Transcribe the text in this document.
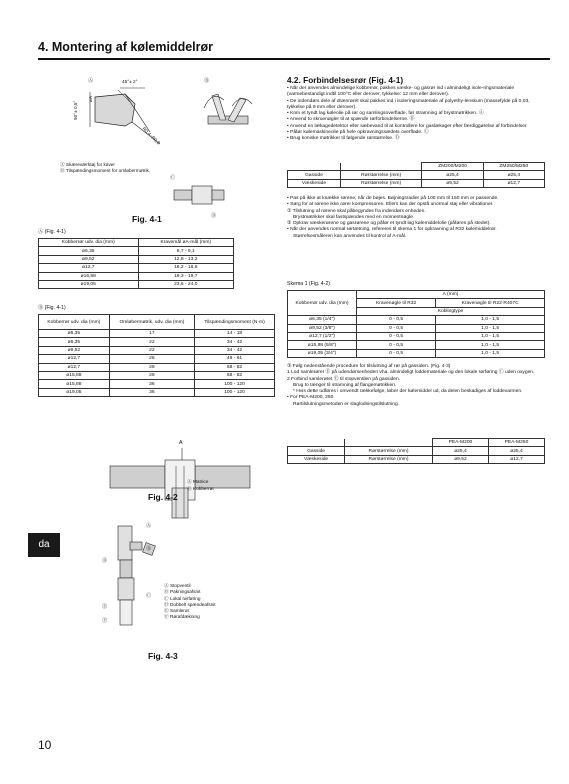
4. Montering af kølemiddelrør
Ⓐ	Ⓑ
45°± 2°
90°± 0,5°
øA
R0,4~R0,8
Ⓐ Skæreværktøj for kaver
Ⓑ Tilspændingsmoment for omløbermøtrik.
Ⓒ
Ⓓ
Fig. 4-1
Ⓐ (Fig. 4-1)
Kobberrør udv. dia (mm)	Kravemål øA-mål (mm)
ø6,35	8,7 - 9,1
ø9,52	12,8 - 13,2
ø12,7	16,2 - 16,6
ø15,88	19,3 - 19,7
ø19,05	23,6 - 24,0
Ⓑ (Fig. 4-1)
Kobberrør udv. dia (mm)	Omløbermøtrik, udv. dia (mm)	Tilspændingsmoment (N·m)
ø6,35	17	14 - 18
ø6,35	22	34 - 42
ø9,52	22	34 - 42
ø12,7	26	49 - 61
ø12,7	29	68 - 82
ø15,88	29	68 - 82
ø15,88	36	100 - 120
ø19,05	36	100 - 120
A
Ⓐ Matrice
Ⓑ Kobberrør
Fig. 4-2
Ⓐ
Ⓑ
Ⓒ
Ⓓ
Ⓔ
Ⓕ
Ⓐ Stopventil
Ⓑ Pakningsafsnit
Ⓒ Lokal rørføring
Ⓓ Dobbelt spændeafsnit
Ⓔ Samlerør
Ⓕ Rørafdækning
Fig. 4-3
da
10
4.2. Forbindelsesrør (Fig. 4-1)

• Når der anvendes almindelige kobberrør, pakkes væske- og gasrør ind i almindeligt isole-ringsmateriale (varmebestandigt indtil 100°C eller derover, tykkelse: 12 mm eller derover).

• De indendørs dele af drænrøret skal pakkes ind i isoleringsmateriale af polyethy-lenskum (massefylde på 0,03, tykkelse på 9 mm eller derover).

• Kom et tyndt lag køleolie på rør og samlingsoverflade, før stramning af brystmøtrikken. Ⓐ

• Anvend to skruenøgler til at spænde rørforbindelserne. Ⓑ

• Anvend en lækagedetektor eller sæbevand til at kontrollere for gaslækager efter færdiggørelse af forbindelser.

• Påfør kølemaskineolie på hele opkravningssædets overflade. Ⓒ

• Brug koniske møtrikker til følgende rørstørrelse. Ⓓ

		ZM200/M200	ZM250/M250
Gasside	Rørstørrelse (mm)	ø25,4	ø25,4
Væskeside	Rørstørrelse (mm)	ø9,52	ø12,7

• Pas på ikke at knække rørene, når de bøjes. Bøjningsradier på 100 mm til 150 mm er passende.

• Sørg for at rørene ikke rører kompressoren. Ellers kan der opstå unormal støj eller vibrationer.

① Tilslutning af rørene skal påbegyndes fra indendørs enheden.

Brystmøtrikker skal fastspændes med en momentnøgle.

② Opkrav væskerørene og gasrørene og påfør et tyndt lag kølemiddelolie (påføres på stedet).

• Når der anvendes normal rørtætning, refereres til skema 1 for opkravning af R32 kølemiddelrør.

Størrelsesmåleren kan anvendes til kontrol af A-mål.

Skema 1 (Fig. 4-2)
Kobberrør udv. dia (mm)	A (mm)	
	Kravenøgle til R32	Kravenøgle til R22·R407C
	Koblingtype	
ø6,35 (1/4")	0 - 0,5	1,0 - 1,5
ø9,52 (3/8")	0 - 0,5	1,0 - 1,5
ø12,7 (1/2")	0 - 0,5	1,0 - 1,5
ø15,88 (5/8")	0 - 0,5	1,0 - 1,5
ø19,05 (3/4")	0 - 0,5	1,0 - 1,5

③ Følg nedenstående procedure for tilslutning af rør på gassiden. (Fig. 4-3)

1 Lod samlerøret Ⓔ på udendørsenheden vha. almindeligt loddemateriale og den lokale rørføring Ⓒ uden oxygen.

2 Forbind samlerøret Ⓔ til stopventilen på gassiden.

Brug to tænger til stramning af flangemøtrikken.

* Hvis dette udføres i omvendt rækkefølge, løber der kølemiddel ud, da delen beskadiges af loddevarmen.

• For PEA-M200, 250

Rørtilslutningsmetoden er slaglodningstilslutning.

		PEA-M200	PEA-M250
Gasside	Rørstørrelse (mm)	ø25,4	ø25,4
Væskeside	Rørstørrelse (mm)	ø9,52	ø12,7
